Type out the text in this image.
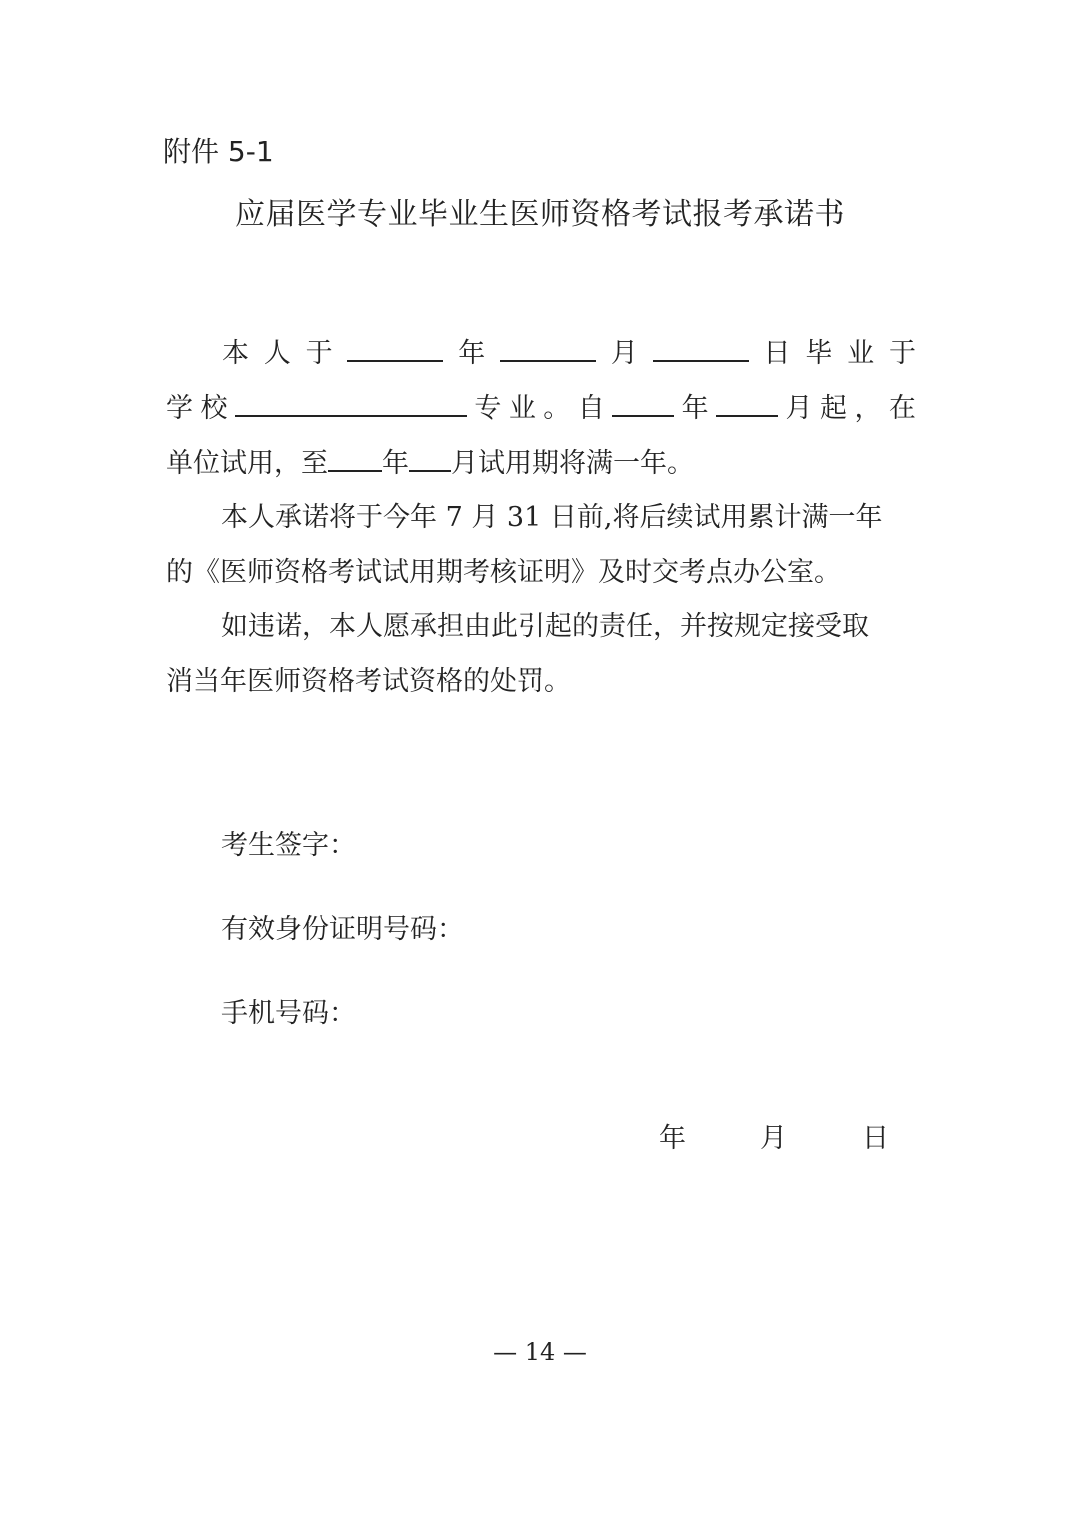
附件 5-1
应届医学专业毕业生医师资格考试报考承诺书
本 人 于	年	月	日 毕 业 于
学 校	专 业 。 自	年	月 起 ， 在
单位试用，至 年 月试用期将满一年。
本人承诺将于今年 7 月 31 日前,将后续试用累计满一年
的《医师资格考试试用期考核证明》及时交考点办公室。
如违诺，本人愿承担由此引起的责任，并按规定接受取
消当年医师资格考试资格的处罚。
考生签字：
有效身份证明号码：
手机号码：
年	月	日
— 14 —
